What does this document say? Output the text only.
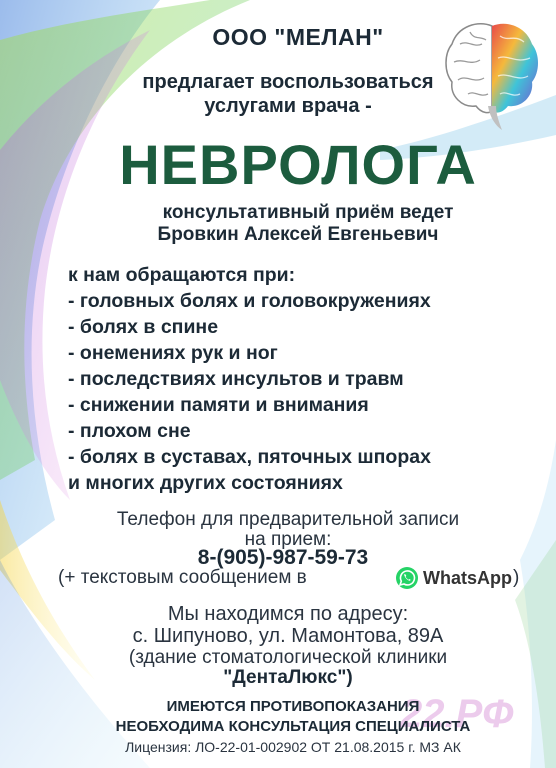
ООО "МЕЛАН"
предлагает воспользоваться
услугами врача -
НЕВРОЛОГА
консультативный приём ведет
Бровкин Алексей Евгеньевич
к нам обращаются при:
- головных болях и головокружениях
- болях в спине
- онемениях рук и ног
- последствиях инсультов и травм
- снижении памяти и внимания
- плохом сне
- болях в суставах, пяточных шпорах
и многих других состояниях
Телефон для предварительной записи
на прием:
8-(905)-987-59-73
(+ текстовым сообщением в	WhatsApp )
Мы находимся по адресу:
с. Шипуново, ул. Мамонтова, 89А
(здание стоматологической клиники
"ДентаЛюкс")
22.РФ
ИМЕЮТСЯ ПРОТИВОПОКАЗАНИЯ
НЕОБХОДИМА КОНСУЛЬТАЦИЯ СПЕЦИАЛИСТА
Лицензия: ЛО-22-01-002902 ОТ 21.08.2015 г. МЗ АК
